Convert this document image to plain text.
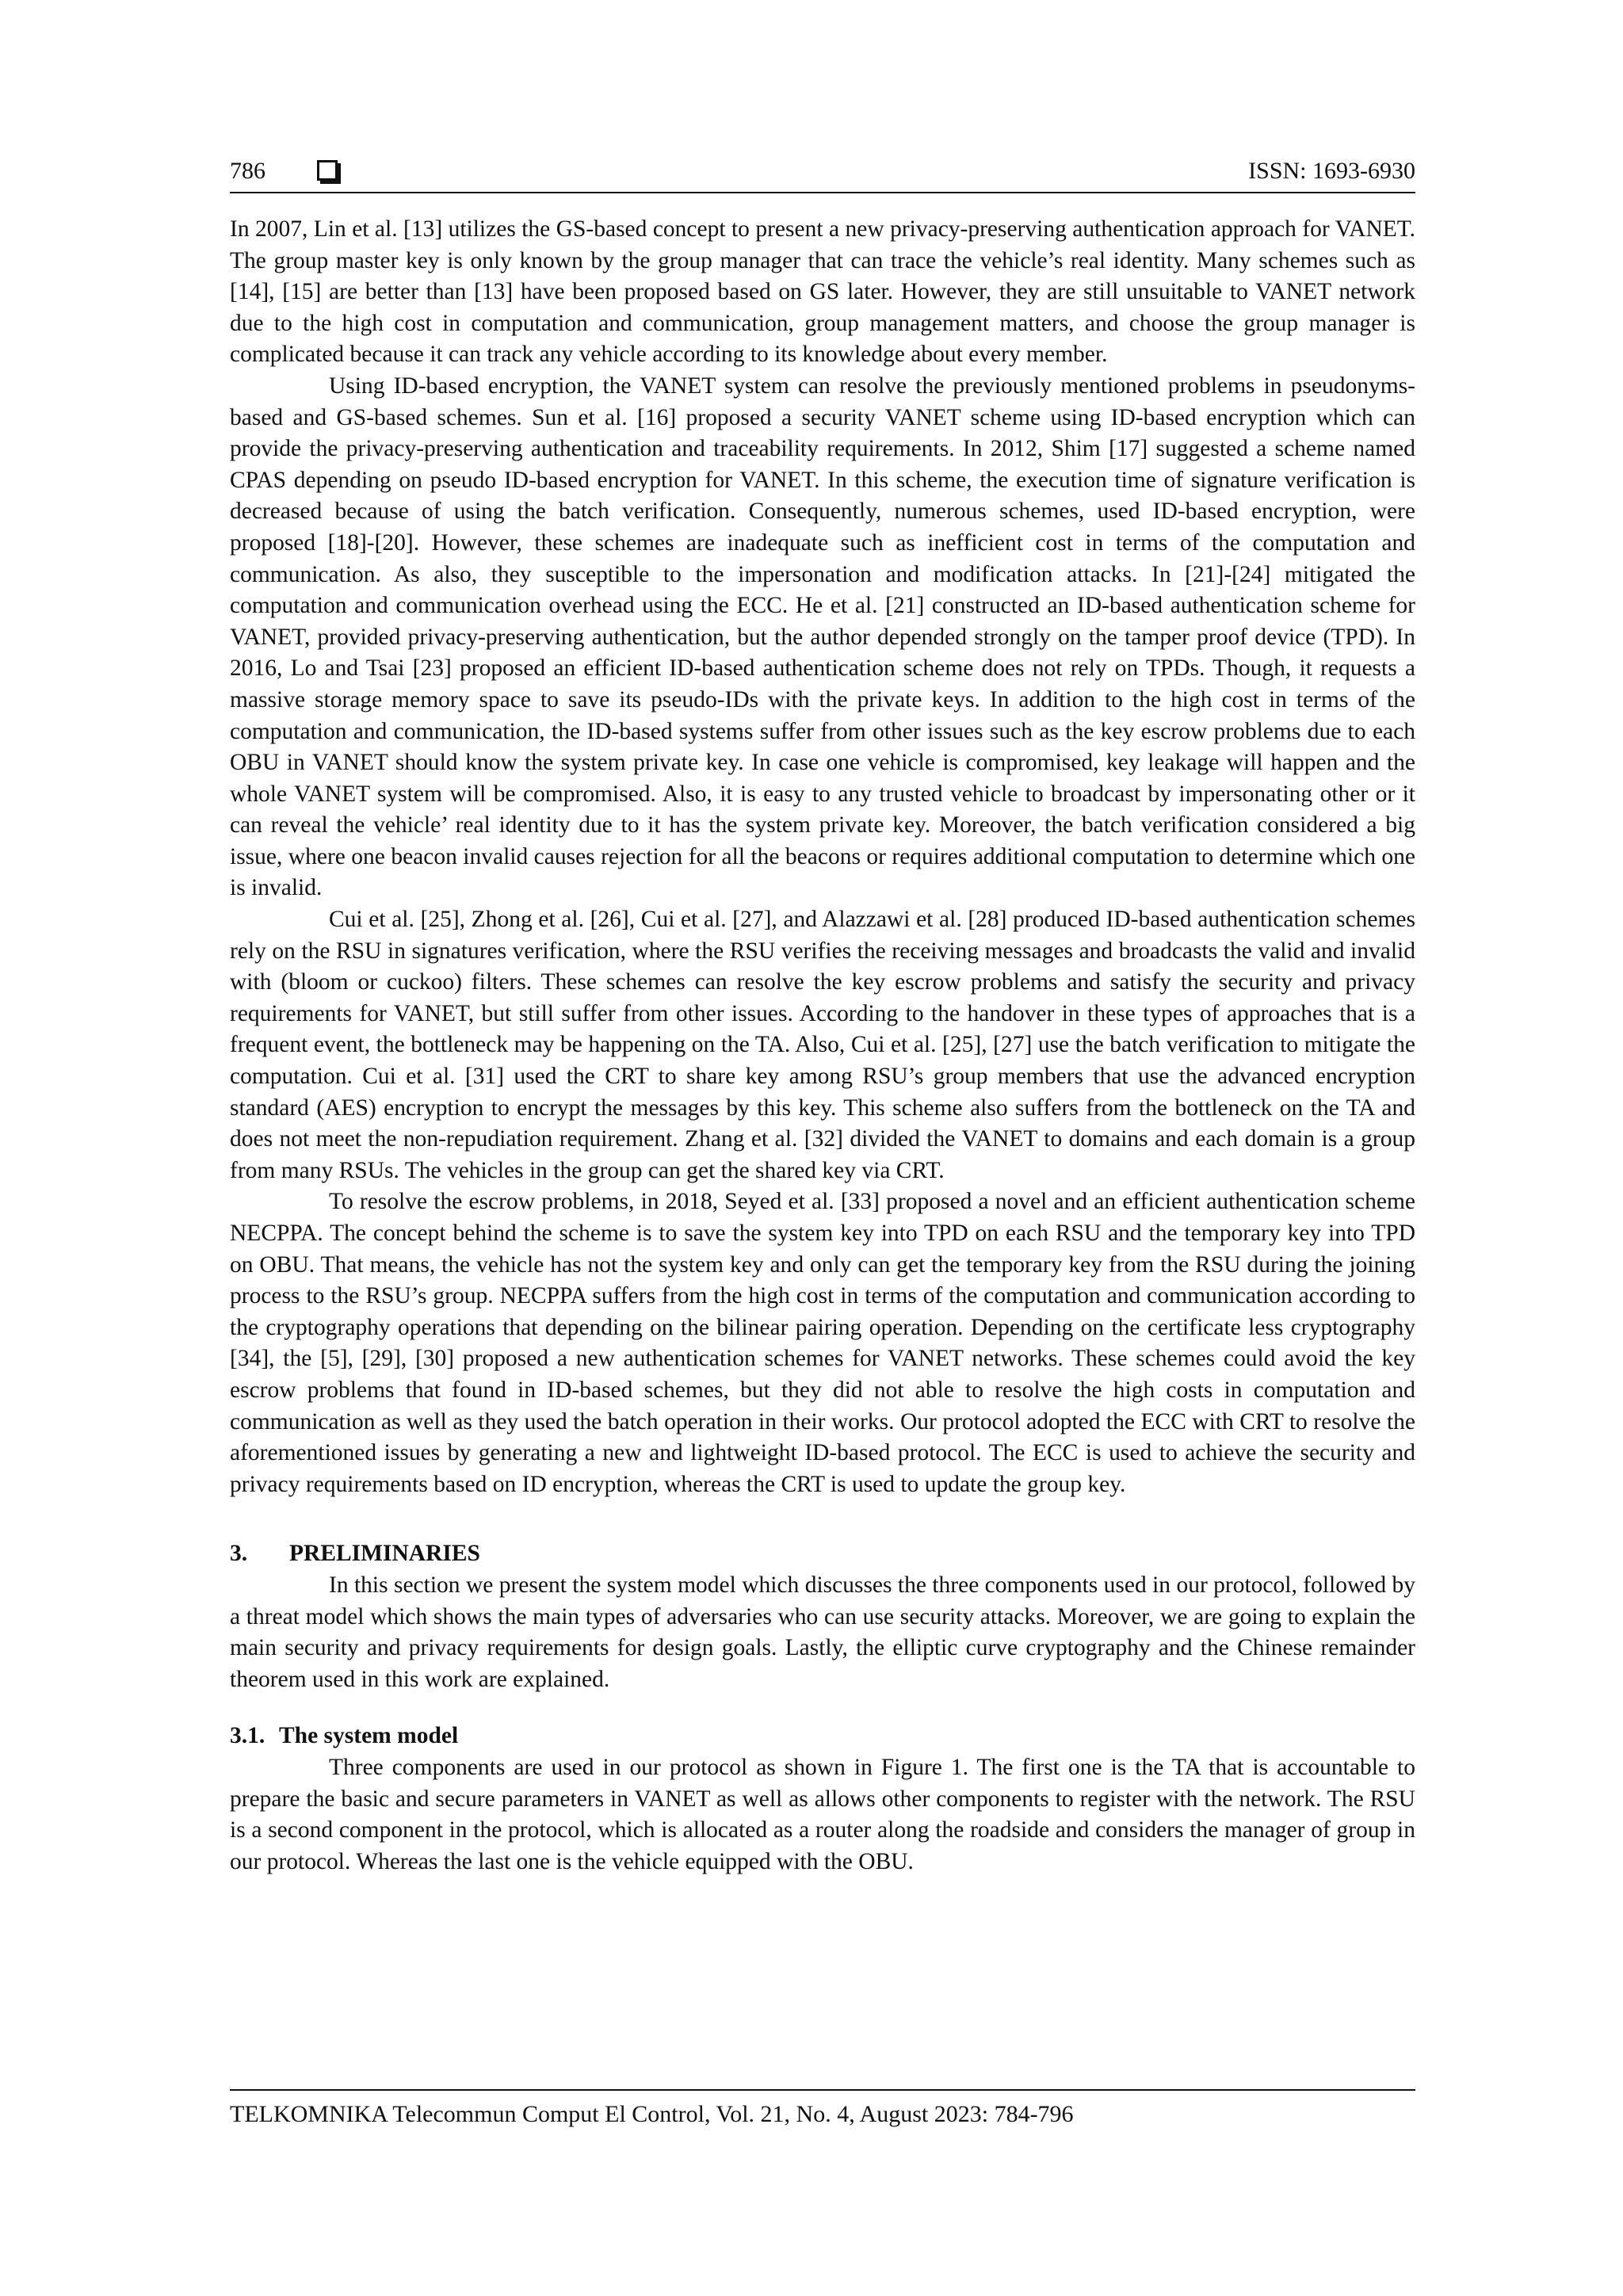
786	ISSN: 1693-6930

In 2007, Lin et al. [13] utilizes the GS-based concept to present a new privacy-preserving authentication approach for VANET. The group master key is only known by the group manager that can trace the vehicle’s real identity. Many schemes such as [14], [15] are better than [13] have been proposed based on GS later. However, they are still unsuitable to VANET network due to the high cost in computation and communication, group management matters, and choose the group manager is complicated because it can track any vehicle according to its knowledge about every member.

Using ID-based encryption, the VANET system can resolve the previously mentioned problems in pseudonyms-based and GS-based schemes. Sun et al. [16] proposed a security VANET scheme using ID-based encryption which can provide the privacy-preserving authentication and traceability requirements. In 2012, Shim [17] suggested a scheme named CPAS depending on pseudo ID-based encryption for VANET. In this scheme, the execution time of signature verification is decreased because of using the batch verification. Consequently, numerous schemes, used ID-based encryption, were proposed [18]-[20]. However, these schemes are inadequate such as inefficient cost in terms of the computation and communication. As also, they susceptible to the impersonation and modification attacks. In [21]-[24] mitigated the computation and communication overhead using the ECC. He et al. [21] constructed an ID-based authentication scheme for VANET, provided privacy-preserving authentication, but the author depended strongly on the tamper proof device (TPD). In 2016, Lo and Tsai [23] proposed an efficient ID-based authentication scheme does not rely on TPDs. Though, it requests a massive storage memory space to save its pseudo-IDs with the private keys. In addition to the high cost in terms of the computation and communication, the ID-based systems suffer from other issues such as the key escrow problems due to each OBU in VANET should know the system private key. In case one vehicle is compromised, key leakage will happen and the whole VANET system will be compromised. Also, it is easy to any trusted vehicle to broadcast by impersonating other or it can reveal the vehicle’ real identity due to it has the system private key. Moreover, the batch verification considered a big issue, where one beacon invalid causes rejection for all the beacons or requires additional computation to determine which one is invalid.

Cui et al. [25], Zhong et al. [26], Cui et al. [27], and Alazzawi et al. [28] produced ID-based authentication schemes rely on the RSU in signatures verification, where the RSU verifies the receiving messages and broadcasts the valid and invalid with (bloom or cuckoo) filters. These schemes can resolve the key escrow problems and satisfy the security and privacy requirements for VANET, but still suffer from other issues. According to the handover in these types of approaches that is a frequent event, the bottleneck may be happening on the TA. Also, Cui et al. [25], [27] use the batch verification to mitigate the computation. Cui et al. [31] used the CRT to share key among RSU’s group members that use the advanced encryption standard (AES) encryption to encrypt the messages by this key. This scheme also suffers from the bottleneck on the TA and does not meet the non-repudiation requirement. Zhang et al. [32] divided the VANET to domains and each domain is a group from many RSUs. The vehicles in the group can get the shared key via CRT.

To resolve the escrow problems, in 2018, Seyed et al. [33] proposed a novel and an efficient authentication scheme NECPPA. The concept behind the scheme is to save the system key into TPD on each RSU and the temporary key into TPD on OBU. That means, the vehicle has not the system key and only can get the temporary key from the RSU during the joining process to the RSU’s group. NECPPA suffers from the high cost in terms of the computation and communication according to the cryptography operations that depending on the bilinear pairing operation. Depending on the certificate less cryptography [34], the [5], [29], [30] proposed a new authentication schemes for VANET networks. These schemes could avoid the key escrow problems that found in ID-based schemes, but they did not able to resolve the high costs in computation and communication as well as they used the batch operation in their works. Our protocol adopted the ECC with CRT to resolve the aforementioned issues by generating a new and lightweight ID-based protocol. The ECC is used to achieve the security and privacy requirements based on ID encryption, whereas the CRT is used to update the group key.

3. PRELIMINARIES

In this section we present the system model which discusses the three components used in our protocol, followed by a threat model which shows the main types of adversaries who can use security attacks. Moreover, we are going to explain the main security and privacy requirements for design goals. Lastly, the elliptic curve cryptography and the Chinese remainder theorem used in this work are explained.

3.1. The system model

Three components are used in our protocol as shown in Figure 1. The first one is the TA that is accountable to prepare the basic and secure parameters in VANET as well as allows other components to register with the network. The RSU is a second component in the protocol, which is allocated as a router along the roadside and considers the manager of group in our protocol. Whereas the last one is the vehicle equipped with the OBU.

TELKOMNIKA Telecommun Comput El Control, Vol. 21, No. 4, August 2023: 784-796
